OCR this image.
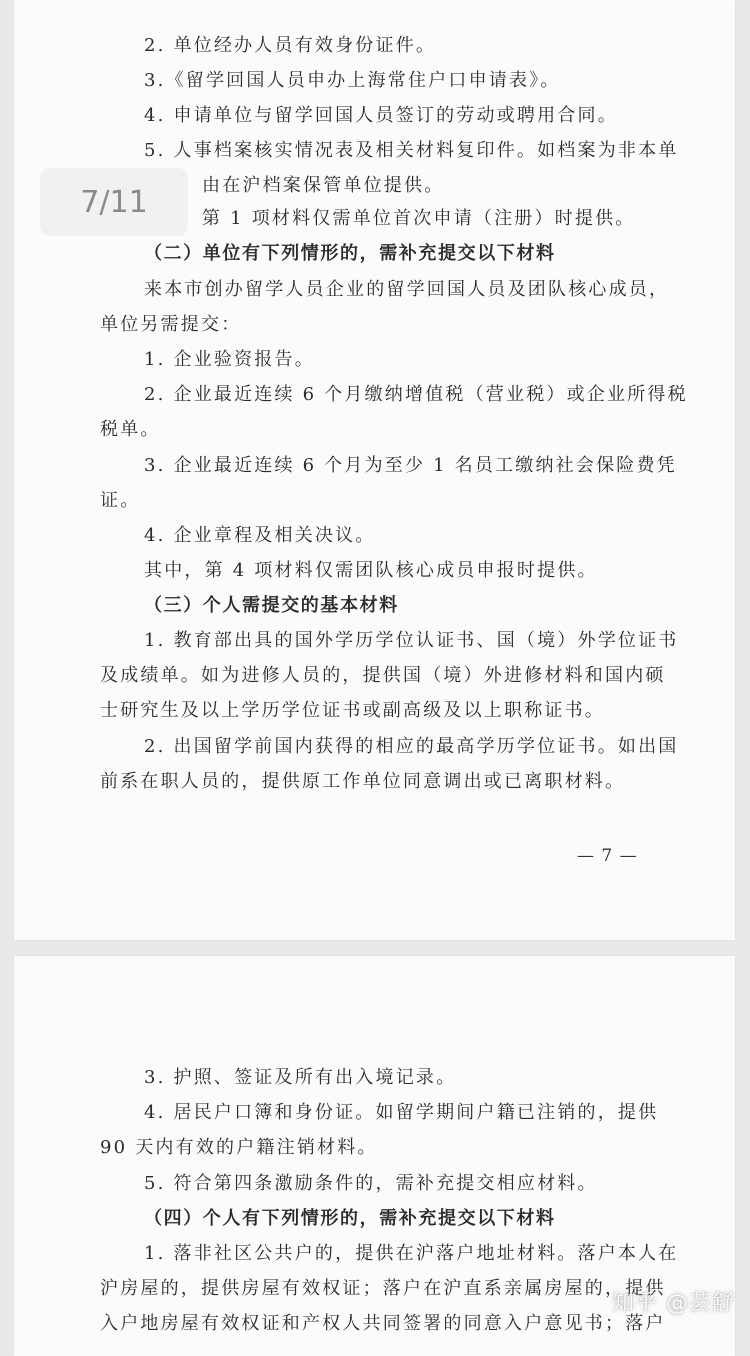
2. 单位经办人员有效身份证件。
3.《留学回国人员申办上海常住户口申请表》。
4. 申请单位与留学回国人员签订的劳动或聘用合同。
5. 人事档案核实情况表及相关材料复印件。如档案为非本单
由在沪档案保管单位提供。
第 1 项材料仅需单位首次申请（注册）时提供。
（二）单位有下列情形的，需补充提交以下材料
来本市创办留学人员企业的留学回国人员及团队核心成员，
单位另需提交：
1. 企业验资报告。
2. 企业最近连续 6 个月缴纳增值税（营业税）或企业所得税
税单。
3. 企业最近连续 6 个月为至少 1 名员工缴纳社会保险费凭
证。
4. 企业章程及相关决议。
其中，第 4 项材料仅需团队核心成员申报时提供。
（三）个人需提交的基本材料
1. 教育部出具的国外学历学位认证书、国（境）外学位证书
及成绩单。如为进修人员的，提供国（境）外进修材料和国内硕
士研究生及以上学历学位证书或副高级及以上职称证书。
2. 出国留学前国内获得的相应的最高学历学位证书。如出国
前系在职人员的，提供原工作单位同意调出或已离职材料。
— 7 —
3. 护照、签证及所有出入境记录。
4. 居民户口簿和身份证。如留学期间户籍已注销的，提供
90 天内有效的户籍注销材料。
5. 符合第四条激励条件的，需补充提交相应材料。
（四）个人有下列情形的，需补充提交以下材料
1. 落非社区公共户的，提供在沪落户地址材料。落户本人在
沪房屋的，提供房屋有效权证；落户在沪直系亲属房屋的，提供
入户地房屋有效权证和产权人共同签署的同意入户意见书；落户
7/11
知乎 @芸舒
